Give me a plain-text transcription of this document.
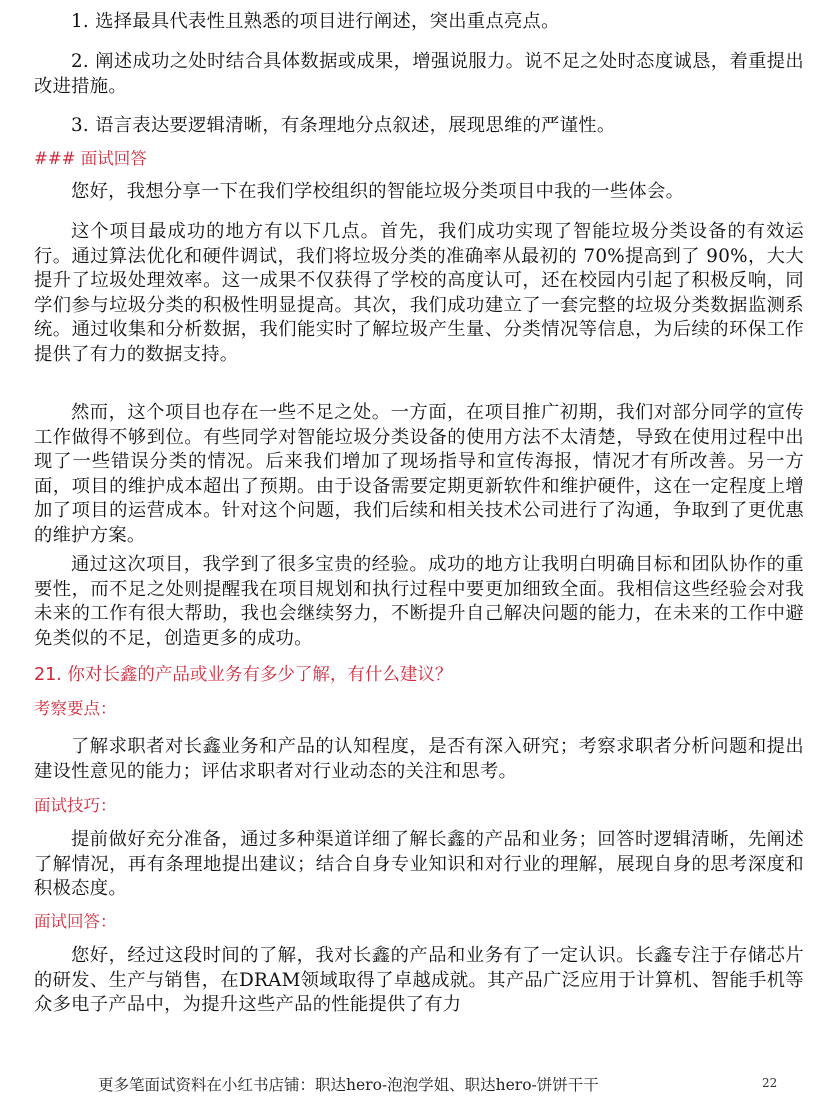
1. 选择最具代表性且熟悉的项目进行阐述，突出重点亮点。
2. 阐述成功之处时结合具体数据或成果，增强说服力。说不足之处时态度诚恳，着重提出改进措施。
3. 语言表达要逻辑清晰，有条理地分点叙述，展现思维的严谨性。
### 面试回答
您好，我想分享一下在我们学校组织的智能垃圾分类项目中我的一些体会。
这个项目最成功的地方有以下几点。首先，我们成功实现了智能垃圾分类设备的有效运行。通过算法优化和硬件调试，我们将垃圾分类的准确率从最初的 70%提高到了 90%，大大提升了垃圾处理效率。这一成果不仅获得了学校的高度认可，还在校园内引起了积极反响，同学们参与垃圾分类的积极性明显提高。其次，我们成功建立了一套完整的垃圾分类数据监测系统。通过收集和分析数据，我们能实时了解垃圾产生量、分类情况等信息，为后续的环保工作提供了有力的数据支持。
然而，这个项目也存在一些不足之处。一方面，在项目推广初期，我们对部分同学的宣传工作做得不够到位。有些同学对智能垃圾分类设备的使用方法不太清楚，导致在使用过程中出现了一些错误分类的情况。后来我们增加了现场指导和宣传海报，情况才有所改善。另一方面，项目的维护成本超出了预期。由于设备需要定期更新软件和维护硬件，这在一定程度上增加了项目的运营成本。针对这个问题，我们后续和相关技术公司进行了沟通，争取到了更优惠的维护方案。
通过这次项目，我学到了很多宝贵的经验。成功的地方让我明白明确目标和团队协作的重要性，而不足之处则提醒我在项目规划和执行过程中要更加细致全面。我相信这些经验会对我未来的工作有很大帮助，我也会继续努力，不断提升自己解决问题的能力，在未来的工作中避免类似的不足，创造更多的成功。
21. 你对长鑫的产品或业务有多少了解，有什么建议？
考察要点：
了解求职者对长鑫业务和产品的认知程度，是否有深入研究；考察求职者分析问题和提出建设性意见的能力；评估求职者对行业动态的关注和思考。
面试技巧：
提前做好充分准备，通过多种渠道详细了解长鑫的产品和业务；回答时逻辑清晰，先阐述了解情况，再有条理地提出建议；结合自身专业知识和对行业的理解，展现自身的思考深度和积极态度。
面试回答：
您好，经过这段时间的了解，我对长鑫的产品和业务有了一定认识。长鑫专注于存储芯片的研发、生产与销售，在DRAM领域取得了卓越成就。其产品广泛应用于计算机、智能手机等众多电子产品中，为提升这些产品的性能提供了有力
更多笔面试资料在小红书店铺：职达hero-泡泡学姐、职达hero-饼饼干干	22
